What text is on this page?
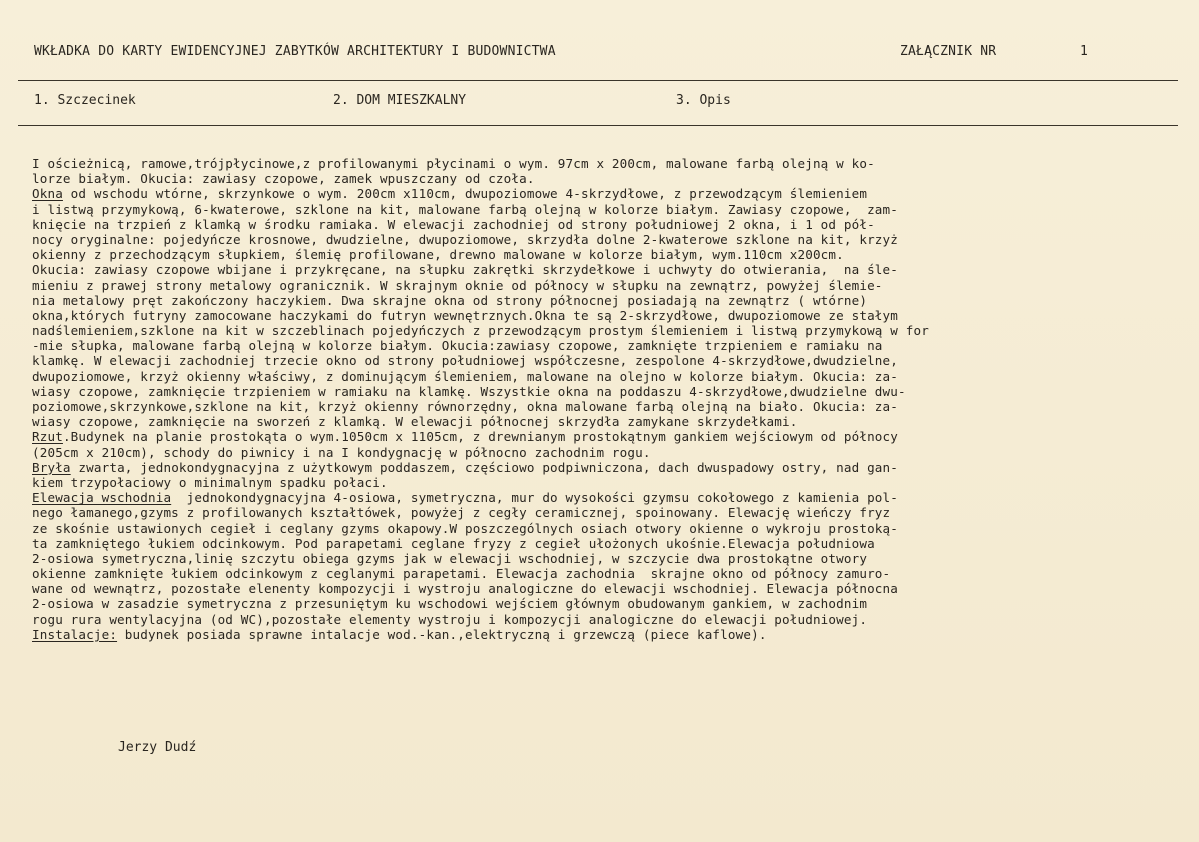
WKŁADKA DO KARTY EWIDENCYJNEJ ZABYTKÓW ARCHITEKTURY I BUDOWNICTWA	ZAŁĄCZNIK NR	1
1. Szczecinek	2. DOM MIESZKALNY	3. Opis
I ościeżnicą, ramowe,trójpłycinowe,z profilowanymi płycinami o wym. 97cm x 200cm, malowane farbą olejną w ko-
lorze białym. Okucia: zawiasy czopowe, zamek wpuszczany od czoła.
Okna od wschodu wtórne, skrzynkowe o wym. 200cm x110cm, dwupoziomowe 4-skrzydłowe, z przewodzącym ślemieniem
i listwą przymykową, 6-kwaterowe, szklone na kit, malowane farbą olejną w kolorze białym. Zawiasy czopowe,  zam-
knięcie na trzpień z klamką w środku ramiaka. W elewacji zachodniej od strony południowej 2 okna, i 1 od pół-
nocy oryginalne: pojedyńcze krosnowe, dwudzielne, dwupoziomowe, skrzydła dolne 2-kwaterowe szklone na kit, krzyż
okienny z przechodzącym słupkiem, ślemię profilowane, drewno malowane w kolorze białym, wym.110cm x200cm.
Okucia: zawiasy czopowe wbijane i przykręcane, na słupku zakrętki skrzydełkowe i uchwyty do otwierania,  na śle-
mieniu z prawej strony metalowy ogranicznik. W skrajnym oknie od północy w słupku na zewnątrz, powyżej ślemie-
nia metalowy pręt zakończony haczykiem. Dwa skrajne okna od strony północnej posiadają na zewnątrz ( wtórne)
okna,których futryny zamocowane haczykami do futryn wewnętrznych.Okna te są 2-skrzydłowe, dwupoziomowe ze stałym
nadślemieniem,szklone na kit w szczeblinach pojedyńczych z przewodzącym prostym ślemieniem i listwą przymykową w for
-mie słupka, malowane farbą olejną w kolorze białym. Okucia:zawiasy czopowe, zamknięte trzpieniem e ramiaku na
klamkę. W elewacji zachodniej trzecie okno od strony południowej współczesne, zespolone 4-skrzydłowe,dwudzielne,
dwupoziomowe, krzyż okienny właściwy, z dominującym ślemieniem, malowane na olejno w kolorze białym. Okucia: za-
wiasy czopowe, zamknięcie trzpieniem w ramiaku na klamkę. Wszystkie okna na poddaszu 4-skrzydłowe,dwudzielne dwu-
poziomowe,skrzynkowe,szklone na kit, krzyż okienny równorzędny, okna malowane farbą olejną na biało. Okucia: za-
wiasy czopowe, zamknięcie na sworzeń z klamką. W elewacji północnej skrzydła zamykane skrzydełkami.
Rzut.Budynek na planie prostokąta o wym.1050cm x 1105cm, z drewnianym prostokątnym gankiem wejściowym od północy
(205cm x 210cm), schody do piwnicy i na I kondygnację w północno zachodnim rogu.
Bryła zwarta, jednokondygnacyjna z użytkowym poddaszem, częściowo podpiwniczona, dach dwuspadowy ostry, nad gan-
kiem trzypołaciowy o minimalnym spadku połaci.
Elewacja wschodnia  jednokondygnacyjna 4-osiowa, symetryczna, mur do wysokości gzymsu cokołowego z kamienia pol-
nego łamanego,gzyms z profilowanych kształtówek, powyżej z cegły ceramicznej, spoinowany. Elewację wieńczy fryz
ze skośnie ustawionych cegieł i ceglany gzyms okapowy.W poszczególnych osiach otwory okienne o wykroju prostoką-
ta zamkniętego łukiem odcinkowym. Pod parapetami ceglane fryzy z cegieł ułożonych ukośnie.Elewacja południowa
2-osiowa symetryczna,linię szczytu obiega gzyms jak w elewacji wschodniej, w szczycie dwa prostokątne otwory
okienne zamknięte łukiem odcinkowym z ceglanymi parapetami. Elewacja zachodnia  skrajne okno od północy zamuro-
wane od wewnątrz, pozostałe elenenty kompozycji i wystroju analogiczne do elewacji wschodniej. Elewacja północna
2-osiowa w zasadzie symetryczna z przesuniętym ku wschodowi wejściem głównym obudowanym gankiem, w zachodnim
rogu rura wentylacyjna (od WC),pozostałe elementy wystroju i kompozycji analogiczne do elewacji południowej.
Instalacje: budynek posiada sprawne intalacje wod.-kan.,elektryczną i grzewczą (piece kaflowe).
Jerzy Dudź
